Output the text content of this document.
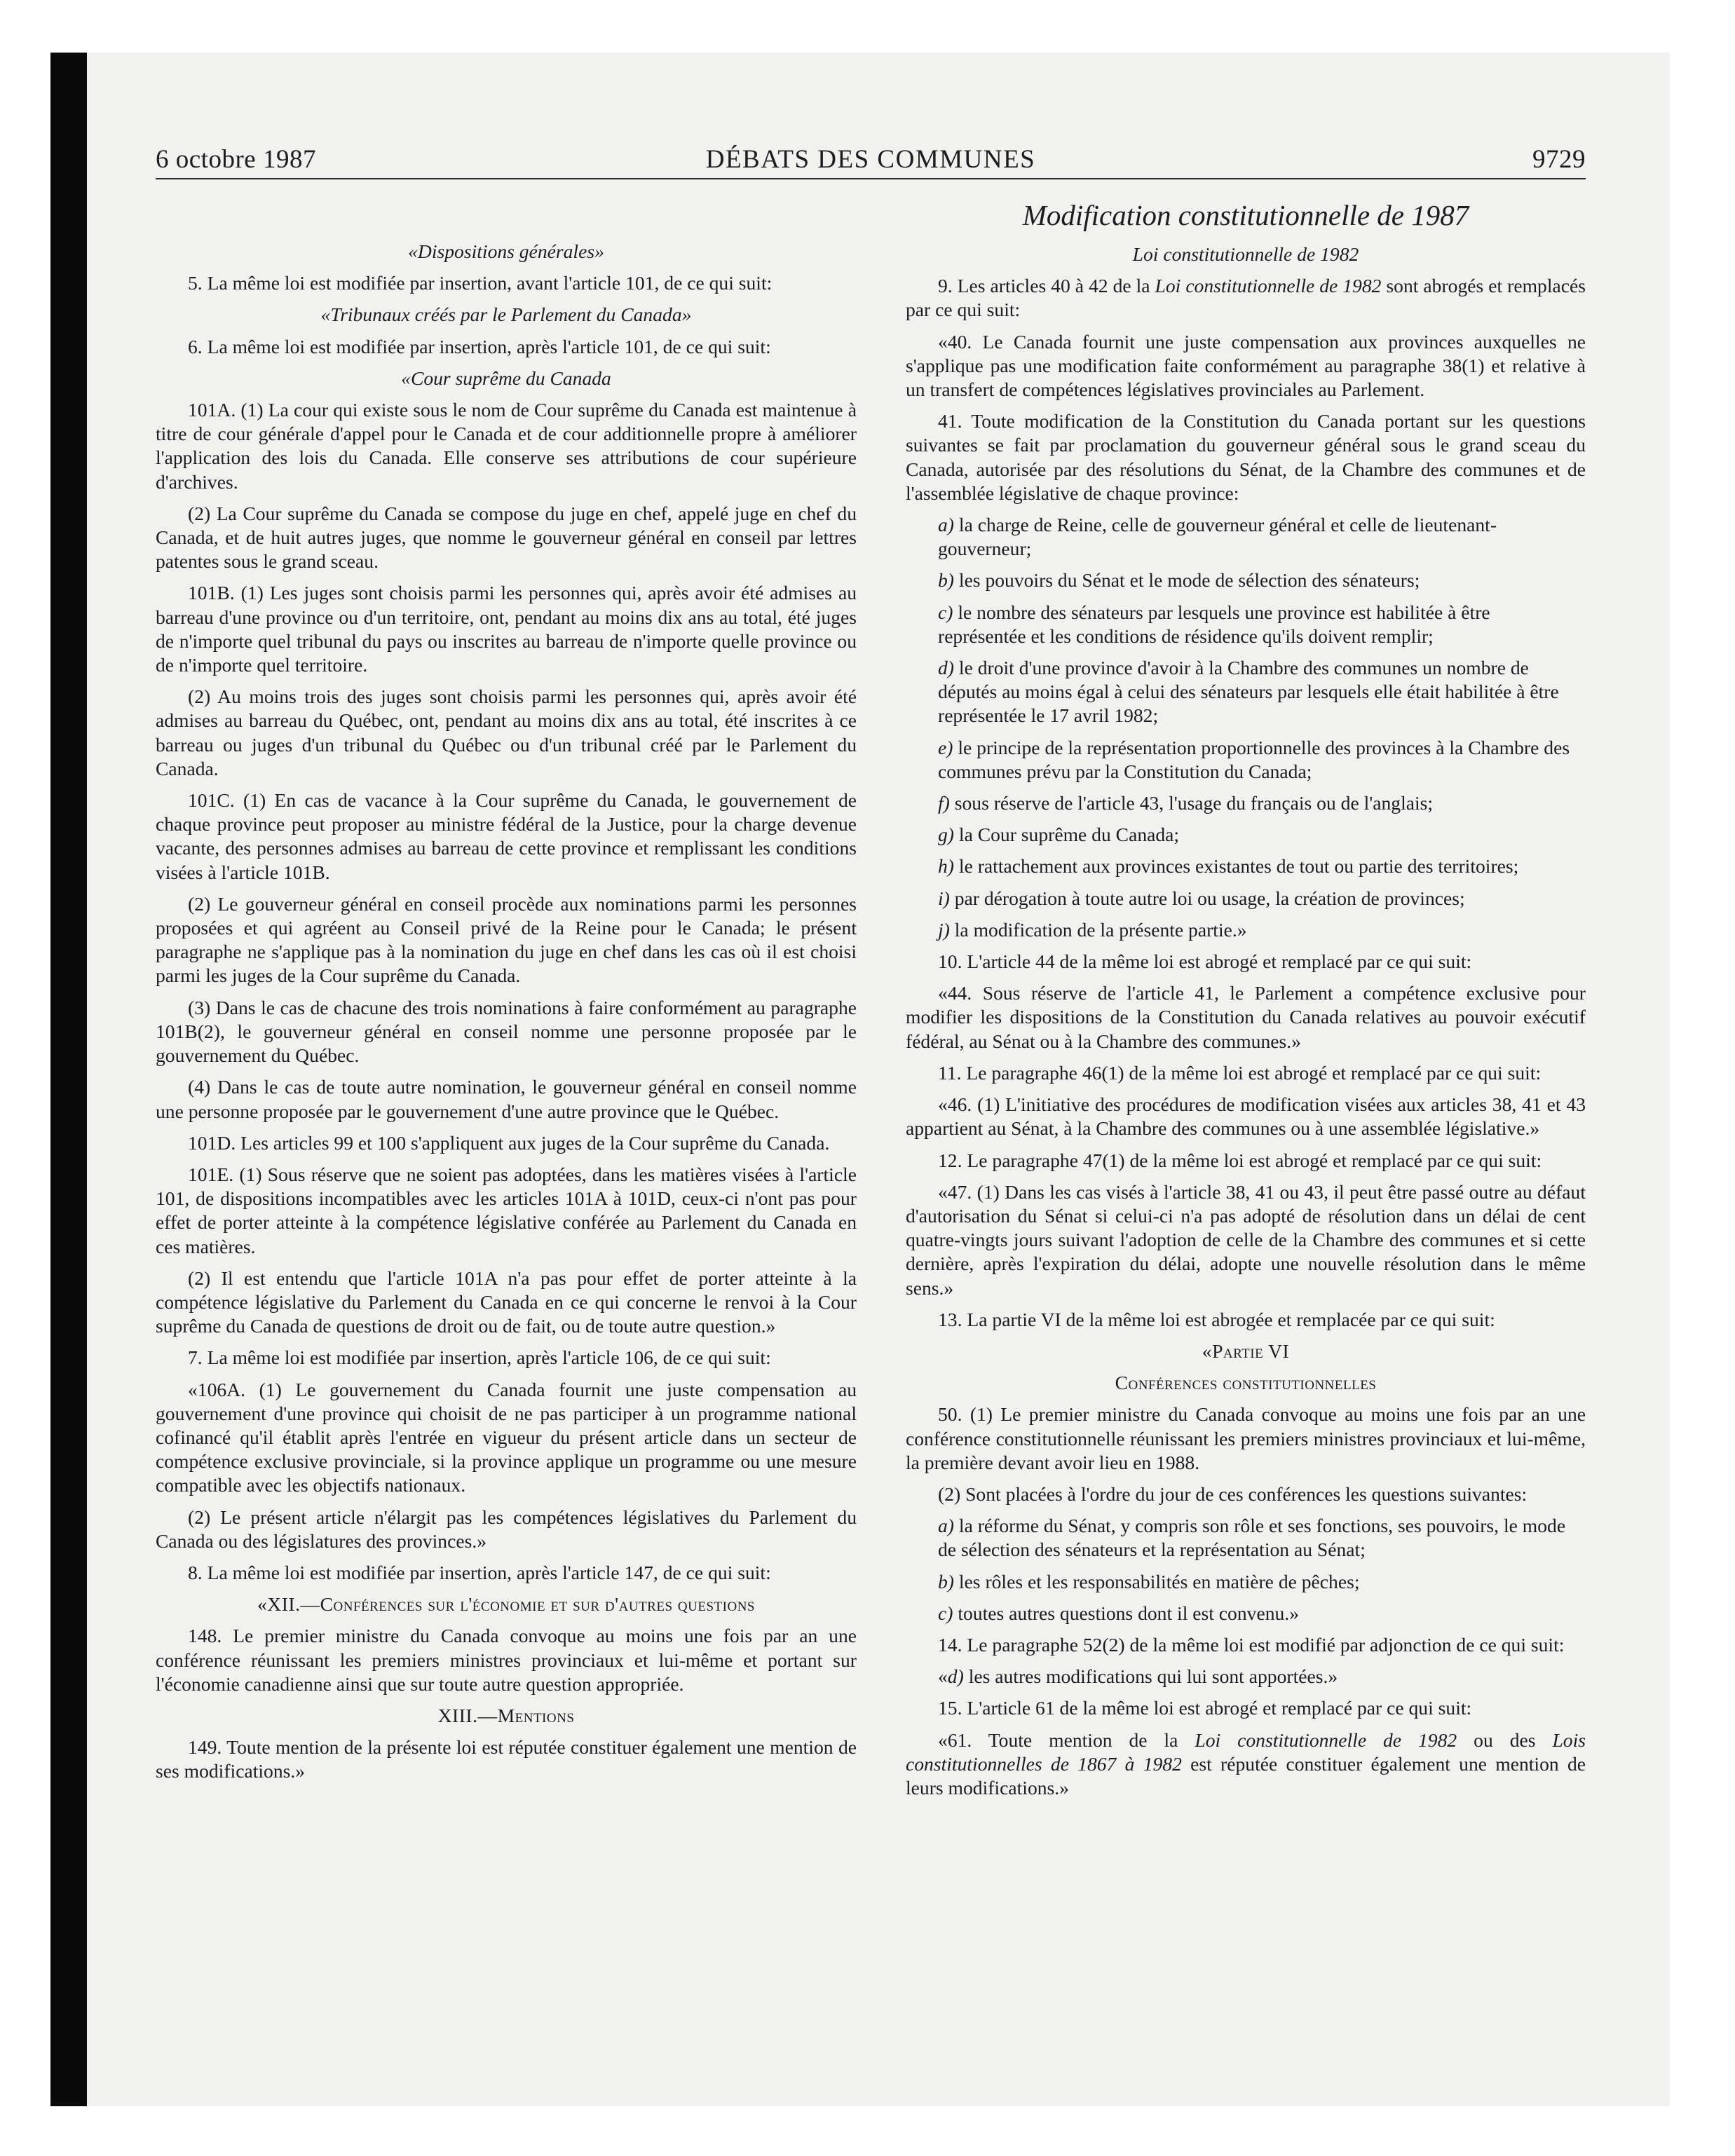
6 octobre 1987	DÉBATS DES COMMUNES	9729

«Dispositions générales»

5. La même loi est modifiée par insertion, avant l'article 101, de ce qui suit:

«Tribunaux créés par le Parlement du Canada»

6. La même loi est modifiée par insertion, après l'article 101, de ce qui suit:

«Cour suprême du Canada

101A. (1) La cour qui existe sous le nom de Cour suprême du Canada est maintenue à titre de cour générale d'appel pour le Canada et de cour additionnelle propre à améliorer l'application des lois du Canada. Elle conserve ses attributions de cour supérieure d'archives.

(2) La Cour suprême du Canada se compose du juge en chef, appelé juge en chef du Canada, et de huit autres juges, que nomme le gouverneur général en conseil par lettres patentes sous le grand sceau.

101B. (1) Les juges sont choisis parmi les personnes qui, après avoir été admises au barreau d'une province ou d'un territoire, ont, pendant au moins dix ans au total, été juges de n'importe quel tribunal du pays ou inscrites au barreau de n'importe quelle province ou de n'importe quel territoire.

(2) Au moins trois des juges sont choisis parmi les personnes qui, après avoir été admises au barreau du Québec, ont, pendant au moins dix ans au total, été inscrites à ce barreau ou juges d'un tribunal du Québec ou d'un tribunal créé par le Parlement du Canada.

101C. (1) En cas de vacance à la Cour suprême du Canada, le gouvernement de chaque province peut proposer au ministre fédéral de la Justice, pour la charge devenue vacante, des personnes admises au barreau de cette province et remplissant les conditions visées à l'article 101B.

(2) Le gouverneur général en conseil procède aux nominations parmi les personnes proposées et qui agréent au Conseil privé de la Reine pour le Canada; le présent paragraphe ne s'applique pas à la nomination du juge en chef dans les cas où il est choisi parmi les juges de la Cour suprême du Canada.

(3) Dans le cas de chacune des trois nominations à faire conformément au paragraphe 101B(2), le gouverneur général en conseil nomme une personne proposée par le gouvernement du Québec.

(4) Dans le cas de toute autre nomination, le gouverneur général en conseil nomme une personne proposée par le gouvernement d'une autre province que le Québec.

101D. Les articles 99 et 100 s'appliquent aux juges de la Cour suprême du Canada.

101E. (1) Sous réserve que ne soient pas adoptées, dans les matières visées à l'article 101, de dispositions incompatibles avec les articles 101A à 101D, ceux-ci n'ont pas pour effet de porter atteinte à la compétence législative conférée au Parlement du Canada en ces matières.

(2) Il est entendu que l'article 101A n'a pas pour effet de porter atteinte à la compétence législative du Parlement du Canada en ce qui concerne le renvoi à la Cour suprême du Canada de questions de droit ou de fait, ou de toute autre question.»

7. La même loi est modifiée par insertion, après l'article 106, de ce qui suit:

«106A. (1) Le gouvernement du Canada fournit une juste compensation au gouvernement d'une province qui choisit de ne pas participer à un programme national cofinancé qu'il établit après l'entrée en vigueur du présent article dans un secteur de compétence exclusive provinciale, si la province applique un programme ou une mesure compatible avec les objectifs nationaux.

(2) Le présent article n'élargit pas les compétences législatives du Parlement du Canada ou des législatures des provinces.»

8. La même loi est modifiée par insertion, après l'article 147, de ce qui suit:

«XII.—Conférences sur l'économie et sur d'autres questions

148. Le premier ministre du Canada convoque au moins une fois par an une conférence réunissant les premiers ministres provinciaux et lui-même et portant sur l'économie canadienne ainsi que sur toute autre question appropriée.

XIII.—Mentions

149. Toute mention de la présente loi est réputée constituer également une mention de ses modifications.»

Modification constitutionnelle de 1987

Loi constitutionnelle de 1982

9. Les articles 40 à 42 de la Loi constitutionnelle de 1982 sont abrogés et remplacés par ce qui suit:

«40. Le Canada fournit une juste compensation aux provinces auxquelles ne s'applique pas une modification faite conformément au paragraphe 38(1) et relative à un transfert de compétences législatives provinciales au Parlement.

41. Toute modification de la Constitution du Canada portant sur les questions suivantes se fait par proclamation du gouverneur général sous le grand sceau du Canada, autorisée par des résolutions du Sénat, de la Chambre des communes et de l'assemblée législative de chaque province:

a) la charge de Reine, celle de gouverneur général et celle de lieutenant-gouverneur;

b) les pouvoirs du Sénat et le mode de sélection des sénateurs;

c) le nombre des sénateurs par lesquels une province est habilitée à être représentée et les conditions de résidence qu'ils doivent remplir;

d) le droit d'une province d'avoir à la Chambre des communes un nombre de députés au moins égal à celui des sénateurs par lesquels elle était habilitée à être représentée le 17 avril 1982;

e) le principe de la représentation proportionnelle des provinces à la Chambre des communes prévu par la Constitution du Canada;

f) sous réserve de l'article 43, l'usage du français ou de l'anglais;

g) la Cour suprême du Canada;

h) le rattachement aux provinces existantes de tout ou partie des territoires;

i) par dérogation à toute autre loi ou usage, la création de provinces;

j) la modification de la présente partie.»

10. L'article 44 de la même loi est abrogé et remplacé par ce qui suit:

«44. Sous réserve de l'article 41, le Parlement a compétence exclusive pour modifier les dispositions de la Constitution du Canada relatives au pouvoir exécutif fédéral, au Sénat ou à la Chambre des communes.»

11. Le paragraphe 46(1) de la même loi est abrogé et remplacé par ce qui suit:

«46. (1) L'initiative des procédures de modification visées aux articles 38, 41 et 43 appartient au Sénat, à la Chambre des communes ou à une assemblée législative.»

12. Le paragraphe 47(1) de la même loi est abrogé et remplacé par ce qui suit:

«47. (1) Dans les cas visés à l'article 38, 41 ou 43, il peut être passé outre au défaut d'autorisation du Sénat si celui-ci n'a pas adopté de résolution dans un délai de cent quatre-vingts jours suivant l'adoption de celle de la Chambre des communes et si cette dernière, après l'expiration du délai, adopte une nouvelle résolution dans le même sens.»

13. La partie VI de la même loi est abrogée et remplacée par ce qui suit:

«Partie VI

Conférences constitutionnelles

50. (1) Le premier ministre du Canada convoque au moins une fois par an une conférence constitutionnelle réunissant les premiers ministres provinciaux et lui-même, la première devant avoir lieu en 1988.

(2) Sont placées à l'ordre du jour de ces conférences les questions suivantes:

a) la réforme du Sénat, y compris son rôle et ses fonctions, ses pouvoirs, le mode de sélection des sénateurs et la représentation au Sénat;

b) les rôles et les responsabilités en matière de pêches;

c) toutes autres questions dont il est convenu.»

14. Le paragraphe 52(2) de la même loi est modifié par adjonction de ce qui suit:

«d) les autres modifications qui lui sont apportées.»

15. L'article 61 de la même loi est abrogé et remplacé par ce qui suit:

«61. Toute mention de la Loi constitutionnelle de 1982 ou des Lois constitutionnelles de 1867 à 1982 est réputée constituer également une mention de leurs modifications.»
